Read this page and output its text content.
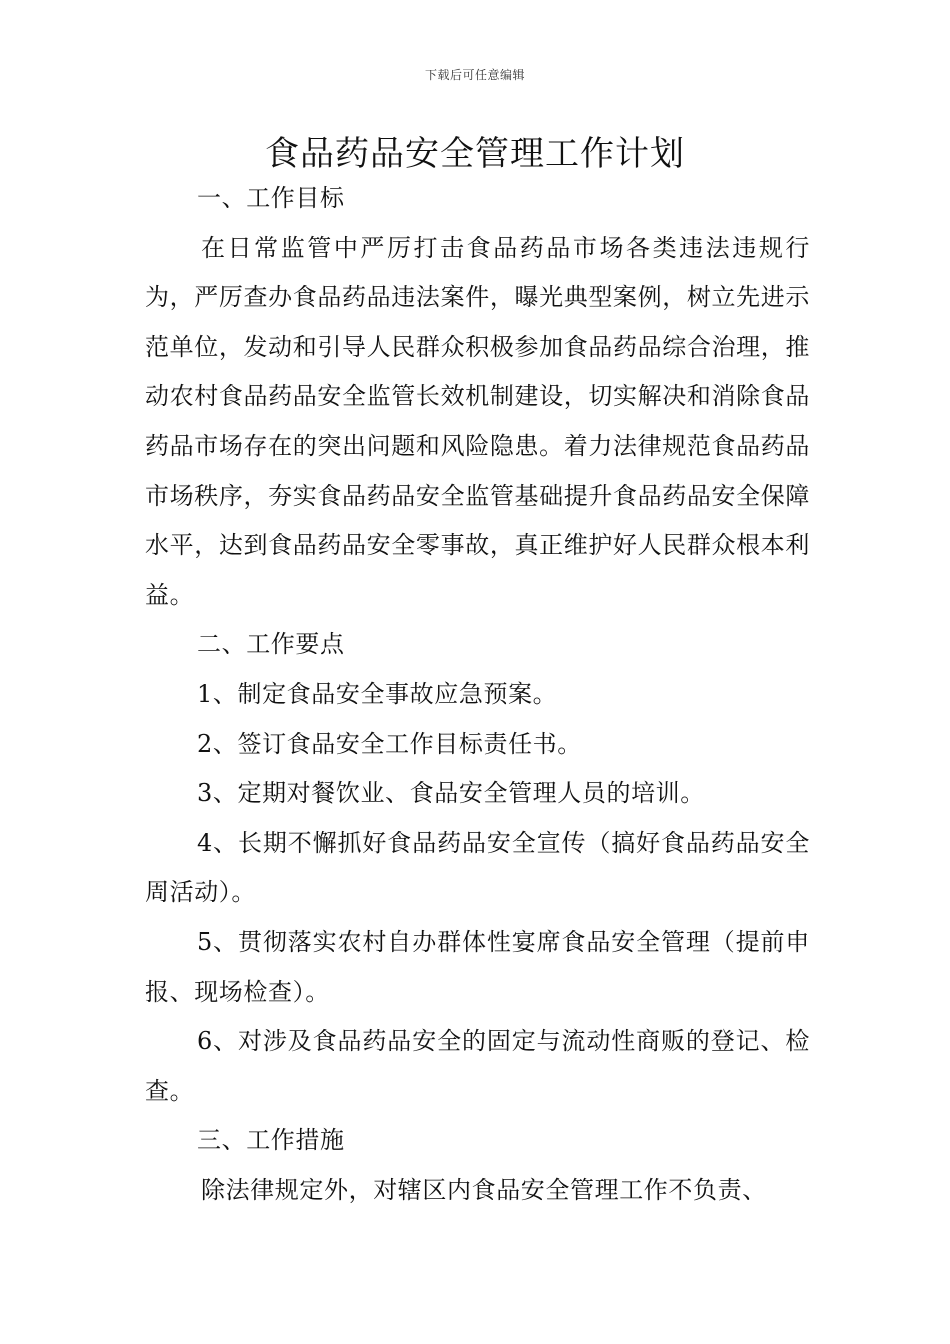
下载后可任意编辑
食品药品安全管理工作计划

一、工作目标

在日常监管中严厉打击食品药品市场各类违法违规行为，严厉查办食品药品违法案件，曝光典型案例，树立先进示范单位，发动和引导人民群众积极参加食品药品综合治理，推动农村食品药品安全监管长效机制建设，切实解决和消除食品药品市场存在的突出问题和风险隐患。着力法律规范食品药品市场秩序，夯实食品药品安全监管基础提升食品药品安全保障水平，达到食品药品安全零事故，真正维护好人民群众根本利益。

二、工作要点

1、制定食品安全事故应急预案。

2、签订食品安全工作目标责任书。

3、定期对餐饮业、食品安全管理人员的培训。

4、长期不懈抓好食品药品安全宣传（搞好食品药品安全周活动）。

5、贯彻落实农村自办群体性宴席食品安全管理（提前申报、现场检查）。

6、对涉及食品药品安全的固定与流动性商贩的登记、检查。

三、工作措施

除法律规定外，对辖区内食品安全管理工作不负责、
